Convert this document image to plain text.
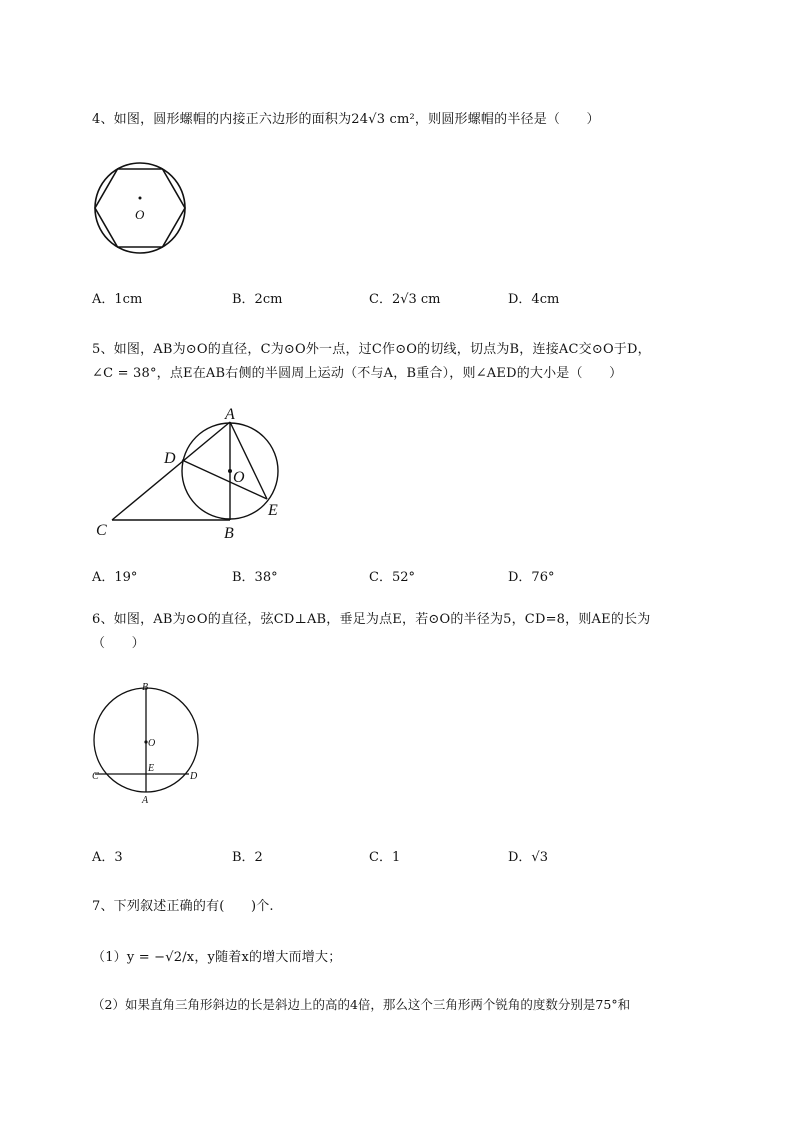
4、如图，圆形螺帽的内接正六边形的面积为24√3 cm²，则圆形螺帽的半径是（　　）
O
A．1cm	B．2cm	C．2√3 cm	D．4cm
5、如图，AB为⊙O的直径，C为⊙O外一点，过C作⊙O的切线，切点为B，连接AC交⊙O于D，
∠C = 38°，点E在AB右侧的半圆周上运动（不与A，B重合），则∠AED的大小是（　　）
A
D
O
E
C	B
A．19°	B．38°	C．52°	D．76°
6、如图，AB为⊙O的直径，弦CD⊥AB，垂足为点E，若⊙O的半径为5，CD=8，则AE的长为
（　　）
B
O
E
C	D
A
A．3	B．2	C．1	D．√3
7、下列叙述正确的有(　　)个.
（1）y = −√2/x，y随着x的增大而增大；
（2）如果直角三角形斜边的长是斜边上的高的4倍，那么这个三角形两个锐角的度数分别是75°和
